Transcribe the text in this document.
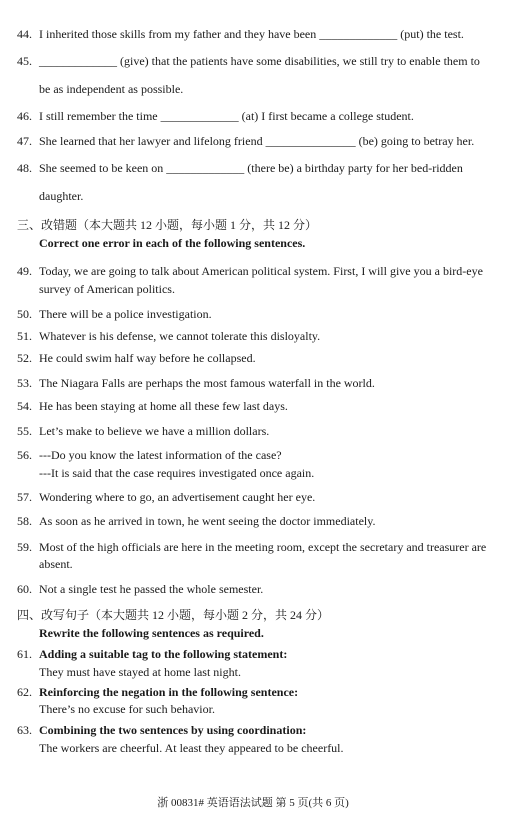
44. I inherited those skills from my father and they have been _____________ (put) the test.
45. _____________ (give) that the patients have some disabilities, we still try to enable them to
be as independent as possible.
46. I still remember the time _____________ (at) I first became a college student.
47. She learned that her lawyer and lifelong friend _______________ (be) going to betray her.
48. She seemed to be keen on _____________ (there be) a birthday party for her bed-ridden
daughter.
三、改错题（本大题共 12 小题，每小题 1 分，共 12 分）
Correct one error in each of the following sentences.
49. Today, we are going to talk about American political system. First, I will give you a bird-eye
survey of American politics.
50. There will be a police investigation.
51. Whatever is his defense, we cannot tolerate this disloyalty.
52. He could swim half way before he collapsed.
53. The Niagara Falls are perhaps the most famous waterfall in the world.
54. He has been staying at home all these few last days.
55. Let’s make to believe we have a million dollars.
56. ---Do you know the latest information of the case?
---It is said that the case requires investigated once again.
57. Wondering where to go, an advertisement caught her eye.
58. As soon as he arrived in town, he went seeing the doctor immediately.
59. Most of the high officials are here in the meeting room, except the secretary and treasurer are
absent.
60. Not a single test he passed the whole semester.
四、改写句子（本大题共 12 小题，每小题 2 分，共 24 分）
Rewrite the following sentences as required.
61. Adding a suitable tag to the following statement:
They must have stayed at home last night.
62. Reinforcing the negation in the following sentence:
There’s no excuse for such behavior.
63. Combining the two sentences by using coordination:
The workers are cheerful. At least they appeared to be cheerful.
浙 00831# 英语语法试题 第 5 页(共 6 页)
